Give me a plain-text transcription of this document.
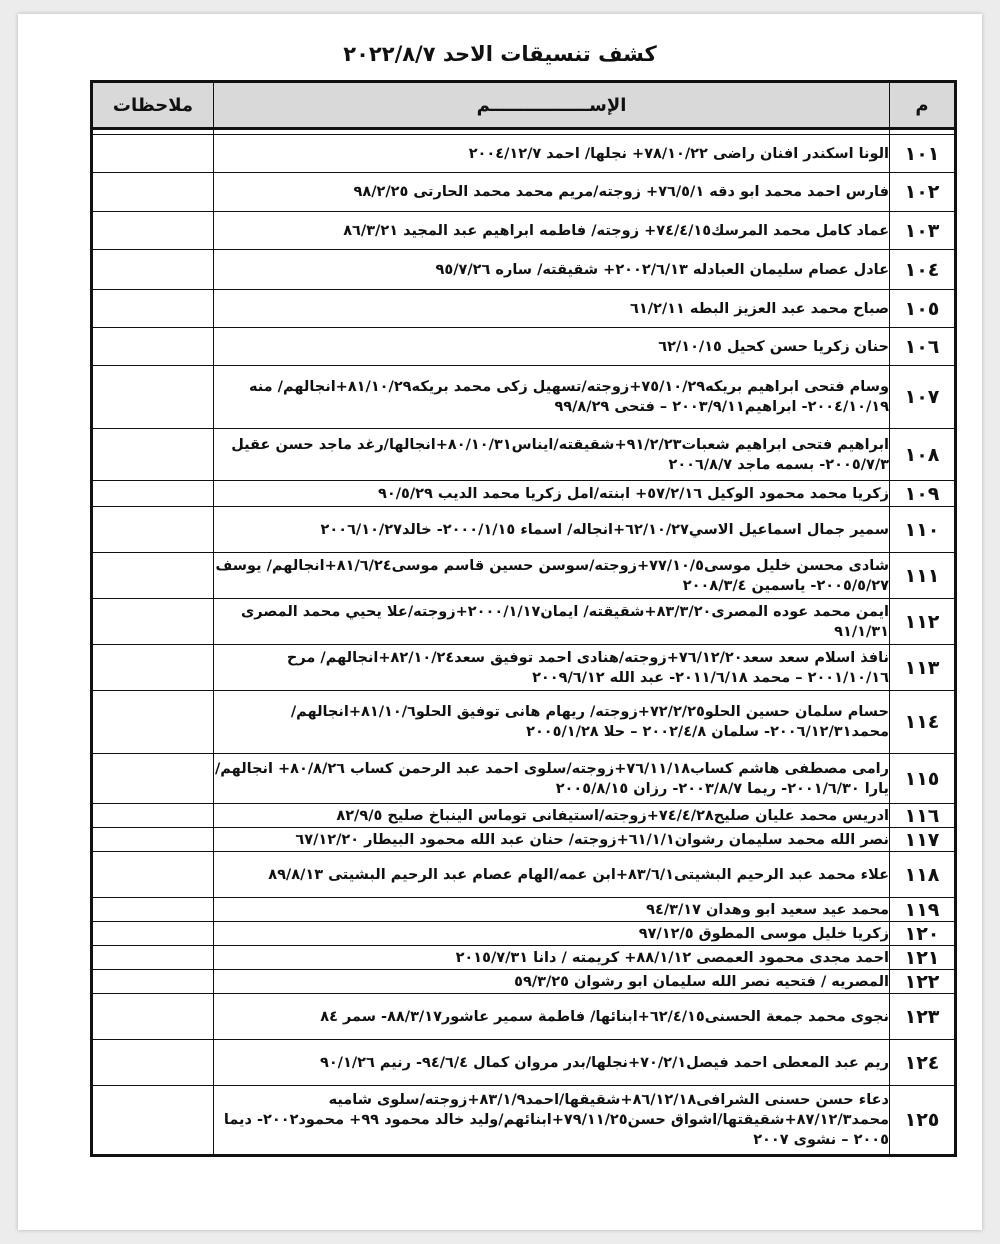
كشف تنسيقات الاحد ٢٠٢٢/٨/٧
م	الإســــــــــــــــم	ملاحظات

١٠١	الونا اسكندر افنان راضى ٧٨/١٠/٢٢+ نجلها/ احمد ٢٠٠٤/١٢/٧	
١٠٢	فارس احمد محمد ابو دقه ٧٦/٥/١+ زوجته/مريم محمد محمد الحارتى ٩٨/٢/٢٥	
١٠٣	عماد كامل محمد المرسك٧٤/٤/١٥+ زوجته/ فاطمه ابراهيم عبد المجيد ٨٦/٣/٢١	
١٠٤	عادل عصام سليمان العبادله ٢٠٠٢/٦/١٣+ شقيقته/ ساره ٩٥/٧/٢٦	
١٠٥	صباح محمد عبد العزيز البطه ٦١/٢/١١	
١٠٦	حنان زكريا حسن كحيل ٦٢/١٠/١٥	
١٠٧	وسام فتحى ابراهيم بريكه٧٥/١٠/٢٩+زوجته/تسهيل زكى محمد بريكه٨١/١٠/٢٩+انجالهم/ منه ٢٠٠٤/١٠/١٩- ابراهيم٢٠٠٣/٩/١١ – فتحى ٩٩/٨/٢٩	
١٠٨	ابراهيم فتحى ابراهيم شعبات٩١/٢/٢٣+شقيقته/ايناس٨٠/١٠/٣١+انجالها/رغد ماجد حسن عقيل ٢٠٠٥/٧/٣- بسمه ماجد ٢٠٠٦/٨/٧	
١٠٩	زكريا محمد محمود الوكيل ٥٧/٢/١٦+ ابنته/امل زكريا محمد الديب ٩٠/٥/٢٩	
١١٠	سمير جمال اسماعيل الاسي٦٢/١٠/٢٧+انجاله/ اسماء ٢٠٠٠/١/١٥- خالد٢٠٠٦/١٠/٢٧	
١١١	شادى محسن خليل موسى٧٧/١٠/٥+زوجته/سوسن حسين قاسم موسى٨١/٦/٢٤+انجالهم/ يوسف ٢٠٠٥/٥/٢٧- ياسمين ٢٠٠٨/٣/٤	
١١٢	ايمن محمد عوده المصرى٨٣/٣/٢٠+شقيقته/ ايمان٢٠٠٠/١/١٧+زوجته/علا يحيي محمد المصرى ٩١/١/٣١	
١١٣	نافذ اسلام سعد سعد٧٦/١٢/٢٠+زوجته/هنادى احمد توفيق سعد٨٢/١٠/٢٤+انجالهم/ مرح ٢٠٠١/١٠/١٦ – محمد ٢٠١١/٦/١٨- عبد الله ٢٠٠٩/٦/١٢	
١١٤	حسام سلمان حسين الحلو٧٢/٢/٢٥+زوجته/ ريهام هانى توفيق الحلو٨١/١٠/٦+انجالهم/ محمد٢٠٠٦/١٢/٣١- سلمان ٢٠٠٢/٤/٨ – حلا ٢٠٠٥/١/٢٨	
١١٥	رامى مصطفى هاشم كساب٧٦/١١/١٨+زوجته/سلوى احمد عبد الرحمن كساب ٨٠/٨/٢٦+ انجالهم/ يارا ٢٠٠١/٦/٣٠- ريما ٢٠٠٣/٨/٧- رزان ٢٠٠٥/٨/١٥	
١١٦	ادريس محمد عليان صليح٧٤/٤/٢٨+زوجته/استيفانى توماس الينباخ صليح ٨٢/٩/٥	
١١٧	نصر الله محمد سليمان رشوان٦١/١/١+زوجته/ حنان عبد الله محمود البيطار ٦٧/١٢/٢٠	
١١٨	علاء محمد عبد الرحيم البشيتى٨٣/٦/١+ابن عمه/الهام عصام عبد الرحيم البشيتى ٨٩/٨/١٣	
١١٩	محمد عيد سعيد ابو وهدان ٩٤/٣/١٧	
١٢٠	زكريا خليل موسى المطوق ٩٧/١٢/٥	
١٢١	احمد مجدى محمود العمصى ٨٨/١/١٢+ كريمته / دانا ٢٠١٥/٧/٣١	
١٢٢	المصريه / فتحيه نصر الله سليمان ابو رشوان ٥٩/٣/٢٥	
١٢٣	نجوى محمد جمعة الحسنى٦٢/٤/١٥+ابنائها/ فاطمة سمير عاشور٨٨/٣/١٧- سمر ٨٤	
١٢٤	ريم عبد المعطى احمد فيصل٧٠/٢/١+نجلها/بدر مروان كمال ٩٤/٦/٤- رنيم ٩٠/١/٢٦	
١٢٥	دعاء حسن حسنى الشرافى٨٦/١٢/١٨+شقيقها/احمد٨٣/١/٩+زوجته/سلوى شاميه محمد٨٧/١٢/٣+شقيقتها/اشواق حسن٧٩/١١/٢٥+ابنائهم/وليد خالد محمود ٩٩+ محمود٢٠٠٢- ديما ٢٠٠٥ – نشوى ٢٠٠٧	
